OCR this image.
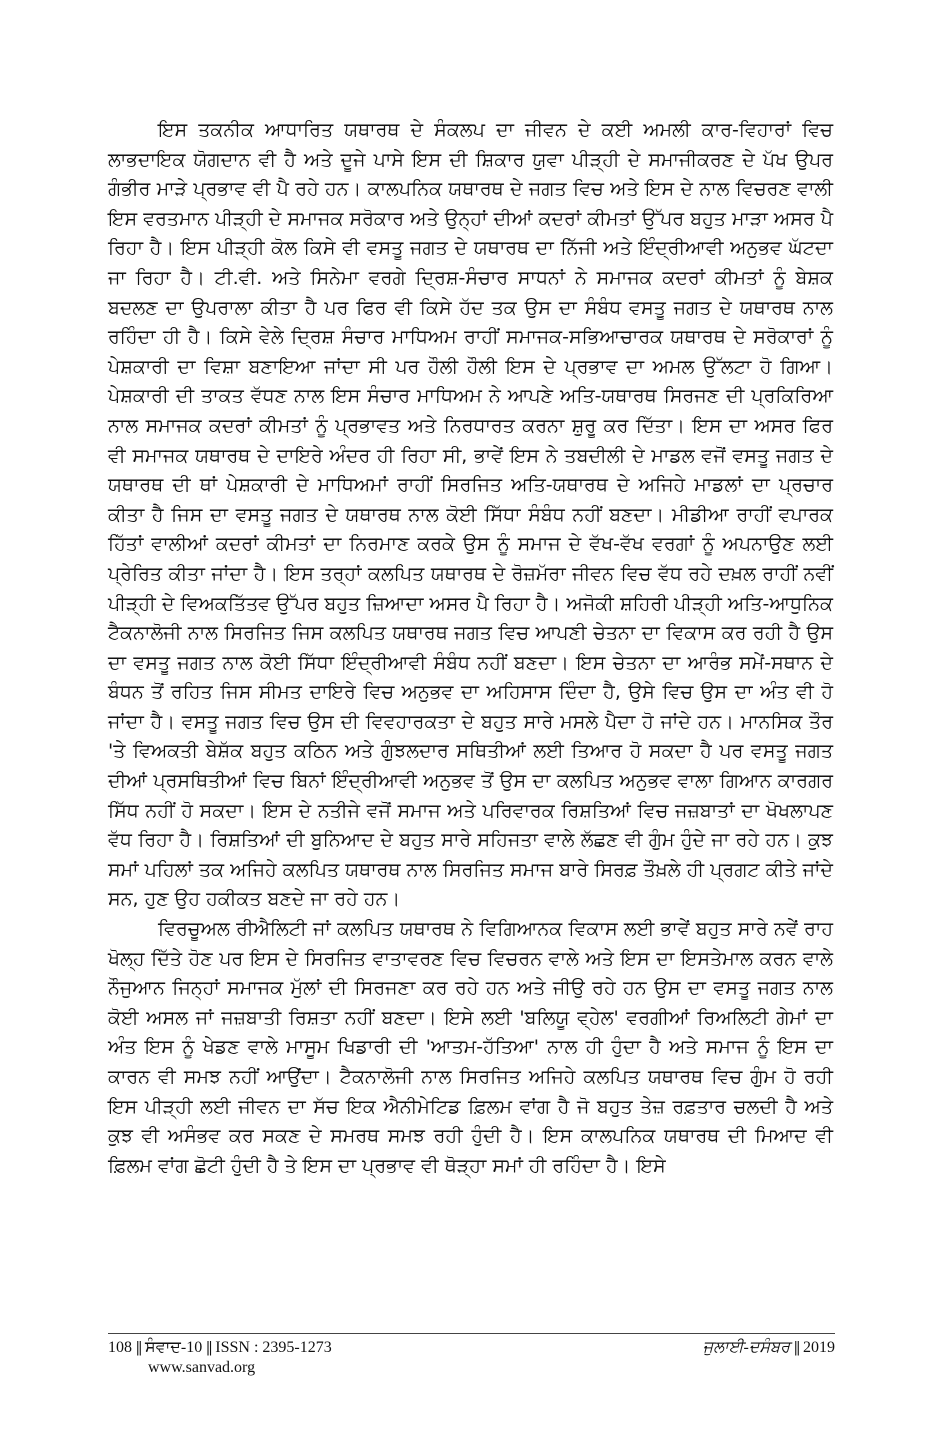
ਇਸ ਤਕਨੀਕ ਆਧਾਰਿਤ ਯਥਾਰਥ ਦੇ ਸੰਕਲਪ ਦਾ ਜੀਵਨ ਦੇ ਕਈ ਅਮਲੀ ਕਾਰ-ਵਿਹਾਰਾਂ ਵਿਚ ਲਾਭਦਾਇਕ ਯੋਗਦਾਨ ਵੀ ਹੈ ਅਤੇ ਦੂਜੇ ਪਾਸੇ ਇਸ ਦੀ ਸ਼ਿਕਾਰ ਯੁਵਾ ਪੀੜ੍ਹੀ ਦੇ ਸਮਾਜੀਕਰਣ ਦੇ ਪੱਖ ਉਪਰ ਗੰਭੀਰ ਮਾੜੇ ਪ੍ਰਭਾਵ ਵੀ ਪੈ ਰਹੇ ਹਨ। ਕਾਲਪਨਿਕ ਯਥਾਰਥ ਦੇ ਜਗਤ ਵਿਚ ਅਤੇ ਇਸ ਦੇ ਨਾਲ ਵਿਚਰਣ ਵਾਲੀ ਇਸ ਵਰਤਮਾਨ ਪੀੜ੍ਹੀ ਦੇ ਸਮਾਜਕ ਸਰੋਕਾਰ ਅਤੇ ਉਨ੍ਹਾਂ ਦੀਆਂ ਕਦਰਾਂ ਕੀਮਤਾਂ ਉੱਪਰ ਬਹੁਤ ਮਾੜਾ ਅਸਰ ਪੈ ਰਿਹਾ ਹੈ। ਇਸ ਪੀੜ੍ਹੀ ਕੋਲ ਕਿਸੇ ਵੀ ਵਸਤੂ ਜਗਤ ਦੇ ਯਥਾਰਥ ਦਾ ਨਿੱਜੀ ਅਤੇ ਇੰਦ੍ਰੀਆਵੀ ਅਨੁਭਵ ਘੱਟਦਾ ਜਾ ਰਿਹਾ ਹੈ। ਟੀ.ਵੀ. ਅਤੇ ਸਿਨੇਮਾ ਵਰਗੇ ਦ੍ਰਿਸ਼-ਸੰਚਾਰ ਸਾਧਨਾਂ ਨੇ ਸਮਾਜਕ ਕਦਰਾਂ ਕੀਮਤਾਂ ਨੂੰ ਬੇਸ਼ਕ ਬਦਲਣ ਦਾ ਉਪਰਾਲਾ ਕੀਤਾ ਹੈ ਪਰ ਫਿਰ ਵੀ ਕਿਸੇ ਹੱਦ ਤਕ ਉਸ ਦਾ ਸੰਬੰਧ ਵਸਤੂ ਜਗਤ ਦੇ ਯਥਾਰਥ ਨਾਲ ਰਹਿੰਦਾ ਹੀ ਹੈ। ਕਿਸੇ ਵੇਲੇ ਦ੍ਰਿਸ਼ ਸੰਚਾਰ ਮਾਧਿਅਮ ਰਾਹੀਂ ਸਮਾਜਕ-ਸਭਿਆਚਾਰਕ ਯਥਾਰਥ ਦੇ ਸਰੋਕਾਰਾਂ ਨੂੰ ਪੇਸ਼ਕਾਰੀ ਦਾ ਵਿਸ਼ਾ ਬਣਾਇਆ ਜਾਂਦਾ ਸੀ ਪਰ ਹੌਲੀ ਹੌਲੀ ਇਸ ਦੇ ਪ੍ਰਭਾਵ ਦਾ ਅਮਲ ਉੱਲਟਾ ਹੋ ਗਿਆ। ਪੇਸ਼ਕਾਰੀ ਦੀ ਤਾਕਤ ਵੱਧਣ ਨਾਲ ਇਸ ਸੰਚਾਰ ਮਾਧਿਅਮ ਨੇ ਆਪਣੇ ਅਤਿ-ਯਥਾਰਥ ਸਿਰਜਣ ਦੀ ਪ੍ਰਕਿਰਿਆ ਨਾਲ ਸਮਾਜਕ ਕਦਰਾਂ ਕੀਮਤਾਂ ਨੂੰ ਪ੍ਰਭਾਵਤ ਅਤੇ ਨਿਰਧਾਰਤ ਕਰਨਾ ਸ਼ੁਰੂ ਕਰ ਦਿੱਤਾ। ਇਸ ਦਾ ਅਸਰ ਫਿਰ ਵੀ ਸਮਾਜਕ ਯਥਾਰਥ ਦੇ ਦਾਇਰੇ ਅੰਦਰ ਹੀ ਰਿਹਾ ਸੀ, ਭਾਵੇਂ ਇਸ ਨੇ ਤਬਦੀਲੀ ਦੇ ਮਾਡਲ ਵਜੋਂ ਵਸਤੂ ਜਗਤ ਦੇ ਯਥਾਰਥ ਦੀ ਥਾਂ ਪੇਸ਼ਕਾਰੀ ਦੇ ਮਾਧਿਅਮਾਂ ਰਾਹੀਂ ਸਿਰਜਿਤ ਅਤਿ-ਯਥਾਰਥ ਦੇ ਅਜਿਹੇ ਮਾਡਲਾਂ ਦਾ ਪ੍ਰਚਾਰ ਕੀਤਾ ਹੈ ਜਿਸ ਦਾ ਵਸਤੂ ਜਗਤ ਦੇ ਯਥਾਰਥ ਨਾਲ ਕੋਈ ਸਿੱਧਾ ਸੰਬੰਧ ਨਹੀਂ ਬਣਦਾ। ਮੀਡੀਆ ਰਾਹੀਂ ਵਪਾਰਕ ਹਿੱਤਾਂ ਵਾਲੀਆਂ ਕਦਰਾਂ ਕੀਮਤਾਂ ਦਾ ਨਿਰਮਾਣ ਕਰਕੇ ਉਸ ਨੂੰ ਸਮਾਜ ਦੇ ਵੱਖ-ਵੱਖ ਵਰਗਾਂ ਨੂੰ ਅਪਨਾਉਣ ਲਈ ਪ੍ਰੇਰਿਤ ਕੀਤਾ ਜਾਂਦਾ ਹੈ। ਇਸ ਤਰ੍ਹਾਂ ਕਲਪਿਤ ਯਥਾਰਥ ਦੇ ਰੋਜ਼ਮੱਰਾ ਜੀਵਨ ਵਿਚ ਵੱਧ ਰਹੇ ਦਖ਼ਲ ਰਾਹੀਂ ਨਵੀਂ ਪੀੜ੍ਹੀ ਦੇ ਵਿਅਕਤਿੱਤਵ ਉੱਪਰ ਬਹੁਤ ਜ਼ਿਆਦਾ ਅਸਰ ਪੈ ਰਿਹਾ ਹੈ। ਅਜੋਕੀ ਸ਼ਹਿਰੀ ਪੀੜ੍ਹੀ ਅਤਿ-ਆਧੁਨਿਕ ਟੈਕਨਾਲੋਜੀ ਨਾਲ ਸਿਰਜਿਤ ਜਿਸ ਕਲਪਿਤ ਯਥਾਰਥ ਜਗਤ ਵਿਚ ਆਪਣੀ ਚੇਤਨਾ ਦਾ ਵਿਕਾਸ ਕਰ ਰਹੀ ਹੈ ਉਸ ਦਾ ਵਸਤੂ ਜਗਤ ਨਾਲ ਕੋਈ ਸਿੱਧਾ ਇੰਦ੍ਰੀਆਵੀ ਸੰਬੰਧ ਨਹੀਂ ਬਣਦਾ। ਇਸ ਚੇਤਨਾ ਦਾ ਆਰੰਭ ਸਮੇਂ-ਸਥਾਨ ਦੇ ਬੰਧਨ ਤੋਂ ਰਹਿਤ ਜਿਸ ਸੀਮਤ ਦਾਇਰੇ ਵਿਚ ਅਨੁਭਵ ਦਾ ਅਹਿਸਾਸ ਦਿੰਦਾ ਹੈ, ਉਸੇ ਵਿਚ ਉਸ ਦਾ ਅੰਤ ਵੀ ਹੋ ਜਾਂਦਾ ਹੈ। ਵਸਤੂ ਜਗਤ ਵਿਚ ਉਸ ਦੀ ਵਿਵਹਾਰਕਤਾ ਦੇ ਬਹੁਤ ਸਾਰੇ ਮਸਲੇ ਪੈਦਾ ਹੋ ਜਾਂਦੇ ਹਨ। ਮਾਨਸਿਕ ਤੌਰ 'ਤੇ ਵਿਅਕਤੀ ਬੇਸ਼ੱਕ ਬਹੁਤ ਕਠਿਨ ਅਤੇ ਗੁੰਝਲਦਾਰ ਸਥਿਤੀਆਂ ਲਈ ਤਿਆਰ ਹੋ ਸਕਦਾ ਹੈ ਪਰ ਵਸਤੂ ਜਗਤ ਦੀਆਂ ਪ੍ਰਸਥਿਤੀਆਂ ਵਿਚ ਬਿਨਾਂ ਇੰਦ੍ਰੀਆਵੀ ਅਨੁਭਵ ਤੋਂ ਉਸ ਦਾ ਕਲਪਿਤ ਅਨੁਭਵ ਵਾਲਾ ਗਿਆਨ ਕਾਰਗਰ ਸਿੱਧ ਨਹੀਂ ਹੋ ਸਕਦਾ। ਇਸ ਦੇ ਨਤੀਜੇ ਵਜੋਂ ਸਮਾਜ ਅਤੇ ਪਰਿਵਾਰਕ ਰਿਸ਼ਤਿਆਂ ਵਿਚ ਜਜ਼ਬਾਤਾਂ ਦਾ ਖੋਖਲਾਪਣ ਵੱਧ ਰਿਹਾ ਹੈ। ਰਿਸ਼ਤਿਆਂ ਦੀ ਬੁਨਿਆਦ ਦੇ ਬਹੁਤ ਸਾਰੇ ਸਹਿਜਤਾ ਵਾਲੇ ਲੱਛਣ ਵੀ ਗੁੰਮ ਹੁੰਦੇ ਜਾ ਰਹੇ ਹਨ। ਕੁਝ ਸਮਾਂ ਪਹਿਲਾਂ ਤਕ ਅਜਿਹੇ ਕਲਪਿਤ ਯਥਾਰਥ ਨਾਲ ਸਿਰਜਿਤ ਸਮਾਜ ਬਾਰੇ ਸਿਰਫ਼ ਤੌਖ਼ਲੇ ਹੀ ਪ੍ਰਗਟ ਕੀਤੇ ਜਾਂਦੇ ਸਨ, ਹੁਣ ਉਹ ਹਕੀਕਤ ਬਣਦੇ ਜਾ ਰਹੇ ਹਨ।

ਵਿਰਚੂਅਲ ਰੀਐਲਿਟੀ ਜਾਂ ਕਲਪਿਤ ਯਥਾਰਥ ਨੇ ਵਿਗਿਆਨਕ ਵਿਕਾਸ ਲਈ ਭਾਵੇਂ ਬਹੁਤ ਸਾਰੇ ਨਵੇਂ ਰਾਹ ਖੋਲ੍ਹ ਦਿੱਤੇ ਹੋਣ ਪਰ ਇਸ ਦੇ ਸਿਰਜਿਤ ਵਾਤਾਵਰਣ ਵਿਚ ਵਿਚਰਨ ਵਾਲੇ ਅਤੇ ਇਸ ਦਾ ਇਸਤੇਮਾਲ ਕਰਨ ਵਾਲੇ ਨੌਜੁਆਨ ਜਿਨ੍ਹਾਂ ਸਮਾਜਕ ਮੁੱਲਾਂ ਦੀ ਸਿਰਜਣਾ ਕਰ ਰਹੇ ਹਨ ਅਤੇ ਜੀਉ ਰਹੇ ਹਨ ਉਸ ਦਾ ਵਸਤੂ ਜਗਤ ਨਾਲ ਕੋਈ ਅਸਲ ਜਾਂ ਜਜ਼ਬਾਤੀ ਰਿਸ਼ਤਾ ਨਹੀਂ ਬਣਦਾ। ਇਸੇ ਲਈ 'ਬਲਿਯੂ ਵ੍ਹੇਲ' ਵਰਗੀਆਂ ਰਿਅਲਿਟੀ ਗੇਮਾਂ ਦਾ ਅੰਤ ਇਸ ਨੂੰ ਖੇਡਣ ਵਾਲੇ ਮਾਸੂਮ ਖਿਡਾਰੀ ਦੀ 'ਆਤਮ-ਹੱਤਿਆ' ਨਾਲ ਹੀ ਹੁੰਦਾ ਹੈ ਅਤੇ ਸਮਾਜ ਨੂੰ ਇਸ ਦਾ ਕਾਰਨ ਵੀ ਸਮਝ ਨਹੀਂ ਆਉਂਦਾ। ਟੈਕਨਾਲੋਜੀ ਨਾਲ ਸਿਰਜਿਤ ਅਜਿਹੇ ਕਲਪਿਤ ਯਥਾਰਥ ਵਿਚ ਗੁੰਮ ਹੋ ਰਹੀ ਇਸ ਪੀੜ੍ਹੀ ਲਈ ਜੀਵਨ ਦਾ ਸੱਚ ਇਕ ਐਨੀਮੇਟਿਡ ਫ਼ਿਲਮ ਵਾਂਗ ਹੈ ਜੋ ਬਹੁਤ ਤੇਜ਼ ਰਫ਼ਤਾਰ ਚਲਦੀ ਹੈ ਅਤੇ ਕੁਝ ਵੀ ਅਸੰਭਵ ਕਰ ਸਕਣ ਦੇ ਸਮਰਥ ਸਮਝ ਰਹੀ ਹੁੰਦੀ ਹੈ। ਇਸ ਕਾਲਪਨਿਕ ਯਥਾਰਥ ਦੀ ਮਿਆਦ ਵੀ ਫ਼ਿਲਮ ਵਾਂਗ ਛੋਟੀ ਹੁੰਦੀ ਹੈ ਤੇ ਇਸ ਦਾ ਪ੍ਰਭਾਵ ਵੀ ਥੋੜ੍ਹਾ ਸਮਾਂ ਹੀ ਰਹਿੰਦਾ ਹੈ। ਇਸੇ

108 || ਸੰਵਾਦ-10 || ISSN : 2395-1273
www.sanvad.org
ਜੁਲਾਈ-ਦਸੰਬਰ || 2019
